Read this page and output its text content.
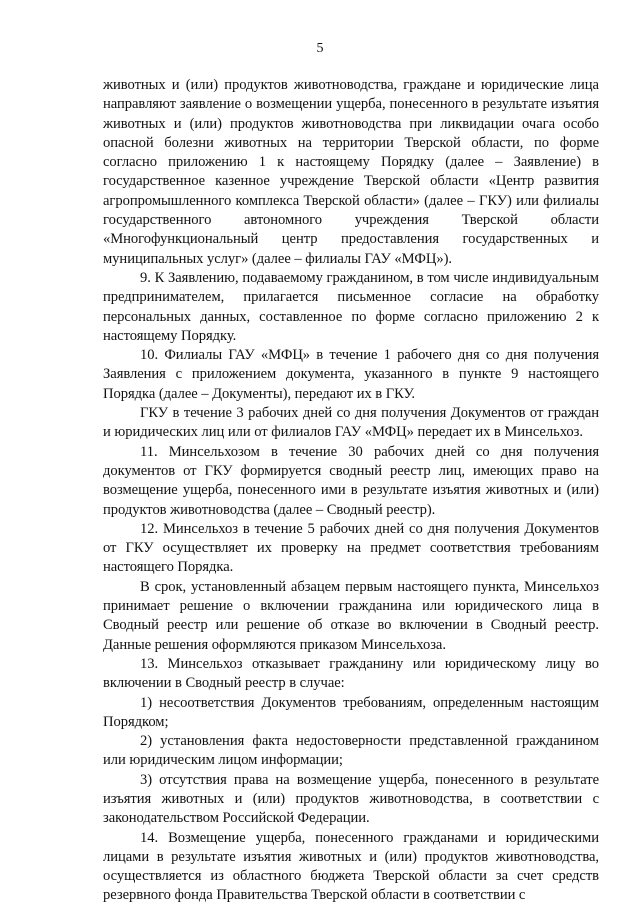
5

животных и (или) продуктов животноводства, граждане и юридические лица направляют заявление о возмещении ущерба, понесенного в результате изъятия животных и (или) продуктов животноводства при ликвидации очага особо опасной болезни животных на территории Тверской области, по форме согласно приложению 1 к настоящему Порядку (далее – Заявление) в государственное казенное учреждение Тверской области «Центр развития агропромышленного комплекса Тверской области» (далее – ГКУ) или филиалы государственного автономного учреждения Тверской области «Многофункциональный центр предоставления государственных и муниципальных услуг» (далее – филиалы ГАУ «МФЦ»).

9. К Заявлению, подаваемому гражданином, в том числе индивидуальным предпринимателем, прилагается письменное согласие на обработку персональных данных, составленное по форме согласно приложению 2 к настоящему Порядку.

10. Филиалы ГАУ «МФЦ» в течение 1 рабочего дня со дня получения Заявления с приложением документа, указанного в пункте 9 настоящего Порядка (далее – Документы), передают их в ГКУ.

ГКУ в течение 3 рабочих дней со дня получения Документов от граждан и юридических лиц или от филиалов ГАУ «МФЦ» передает их в Минсельхоз.

11. Минсельхозом в течение 30 рабочих дней со дня получения документов от ГКУ формируется сводный реестр лиц, имеющих право на возмещение ущерба, понесенного ими в результате изъятия животных и (или) продуктов животноводства (далее – Сводный реестр).

12. Минсельхоз в течение 5 рабочих дней со дня получения Документов от ГКУ осуществляет их проверку на предмет соответствия требованиям настоящего Порядка.

В срок, установленный абзацем первым настоящего пункта, Минсельхоз принимает решение о включении гражданина или юридического лица в Сводный реестр или решение об отказе во включении в Сводный реестр. Данные решения оформляются приказом Минсельхоза.

13. Минсельхоз отказывает гражданину или юридическому лицу во включении в Сводный реестр в случае:

1) несоответствия Документов требованиям, определенным настоящим Порядком;

2) установления факта недостоверности представленной гражданином или юридическим лицом информации;

3) отсутствия права на возмещение ущерба, понесенного в результате изъятия животных и (или) продуктов животноводства, в соответствии с законодательством Российской Федерации.

14. Возмещение ущерба, понесенного гражданами и юридическими лицами в результате изъятия животных и (или) продуктов животноводства, осуществляется из областного бюджета Тверской области за счет средств резервного фонда Правительства Тверской области в соответствии с
